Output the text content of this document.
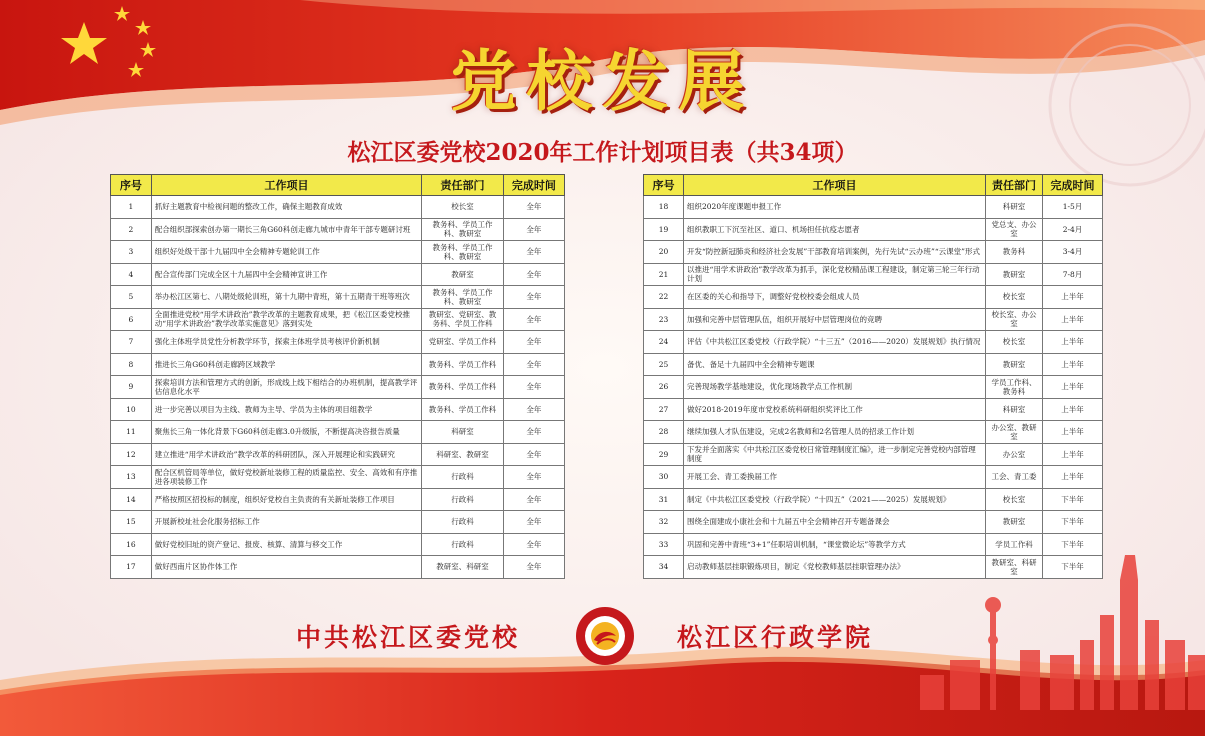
党校发展
松江区委党校2020年工作计划项目表（共34项）
序号	工作项目	责任部门	完成时间
1	抓好主题教育中检视问题的整改工作，确保主题教育成效	校长室	全年
2	配合组织部探索创办第一期长三角G60科创走廊九城市中青年干部专题研讨班	教务科、学员工作科、教研室	全年
3	组织好处级干部十九届四中全会精神专题轮训工作	教务科、学员工作科、教研室	全年
4	配合宣传部门完成全区十九届四中全会精神宣讲工作	教研室	全年
5	举办松江区第七、八期处级轮训班，第十九期中青班，第十五期青干班等班次	教务科、学员工作科、教研室	全年
6	全面推进党校“用学术讲政治”教学改革的主题教育成果，把《松江区委党校推动“用学术讲政治”教学改革实施意见》落到实处	教研室、党研室、教务科、学员工作科	全年
7	强化主体班学员党性分析教学环节，探索主体班学员考核评价新机制	党研室、学员工作科	全年
8	推进长三角G60科创走廊跨区域教学	教务科、学员工作科	全年
9	探索培训方法和管理方式的创新，形成线上线下相结合的办班机制，提高教学评估信息化水平	教务科、学员工作科	全年
10	进一步完善以项目为主线、教师为主导、学员为主体的项目组教学	教务科、学员工作科	全年
11	聚焦长三角一体化背景下G60科创走廊3.0升级版，不断提高决咨报告质量	科研室	全年
12	建立推进“用学术讲政治”教学改革的科研团队，深入开展理论和实践研究	科研室、教研室	全年
13	配合区机管局等单位，做好党校新址装修工程的质量监控、安全、高效和有序推进各项装修工作	行政科	全年
14	严格按照区招投标的制度，组织好党校自主负责的有关新址装修工作项目	行政科	全年
15	开展新校址社会化服务招标工作	行政科	全年
16	做好党校旧址的资产登记、报废、核算、清算与移交工作	行政科	全年
17	做好西南片区协作体工作	教研室、科研室	全年
序号	工作项目	责任部门	完成时间
18	组织2020年度课题申报工作	科研室	1-5月
19	组织教职工下沉至社区、道口、机场担任抗疫志愿者	党总支、办公室	2-4月
20	开发“防控新冠肺炎和经济社会发展”干部教育培训案例，先行先试“云办班”“云课堂”形式	教务科	3-4月
21	以推进“用学术讲政治”教学改革为抓手，深化党校精品课工程建设，制定第三轮三年行动计划	教研室	7-8月
22	在区委的关心和指导下，调整好党校校委会组成人员	校长室	上半年
23	加强和完善中层管理队伍，组织开展好中层管理岗位的竞聘	校长室、办公室	上半年
24	评估《中共松江区委党校（行政学院）“十三五”（2016——2020）发展规划》执行情况	校长室	上半年
25	备优、备足十九届四中全会精神专题课	教研室	上半年
26	完善现场教学基地建设，优化现场教学点工作机制	学员工作科、教务科	上半年
27	做好2018-2019年度市党校系统科研组织奖评比工作	科研室	上半年
28	继续加强人才队伍建设，完成2名教师和2名管理人员的招录工作计划	办公室、教研室	上半年
29	下发并全面落实《中共松江区委党校日常管理制度汇编》，进一步制定完善党校内部管理制度	办公室	上半年
30	开展工会、青工委换届工作	工会、青工委	上半年
31	制定《中共松江区委党校（行政学院）“十四五”（2021——2025）发展规划》	校长室	下半年
32	围绕全面建成小康社会和十九届五中全会精神召开专题备课会	教研室	下半年
33	巩固和完善中青班“3+1”任职培训机制，“课堂微论坛”等教学方式	学员工作科	下半年
34	启动教师基层挂职锻炼项目，制定《党校教师基层挂职管理办法》	教研室、科研室	下半年
中共松江区委党校	松江区行政学院
